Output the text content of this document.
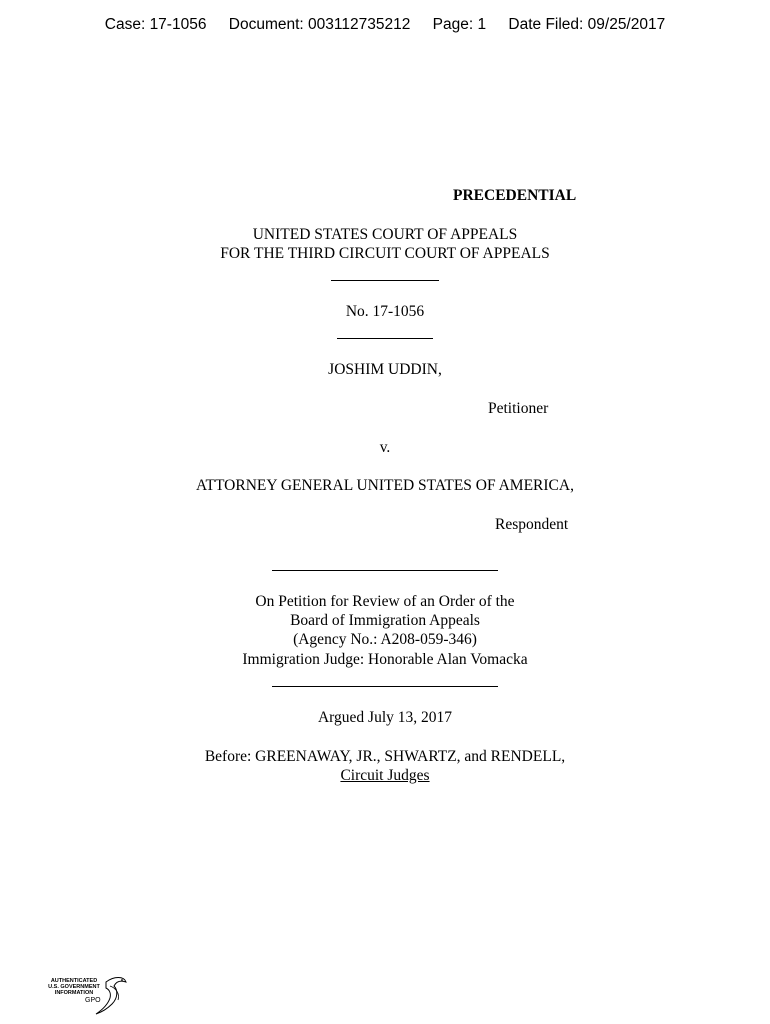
Case: 17-1056 Document: 003112735212 Page: 1 Date Filed: 09/25/2017
PRECEDENTIAL
UNITED STATES COURT OF APPEALS
FOR THE THIRD CIRCUIT COURT OF APPEALS
No. 17-1056
JOSHIM UDDIN,
Petitioner
v.
ATTORNEY GENERAL UNITED STATES OF AMERICA,
Respondent
On Petition for Review of an Order of the
Board of Immigration Appeals
(Agency No.: A208-059-346)
Immigration Judge: Honorable Alan Vomacka
Argued July 13, 2017
Before: GREENAWAY, JR., SHWARTZ, and RENDELL,
Circuit Judges
AUTHENTICATED
U.S. GOVERNMENT
INFORMATION
GPO
